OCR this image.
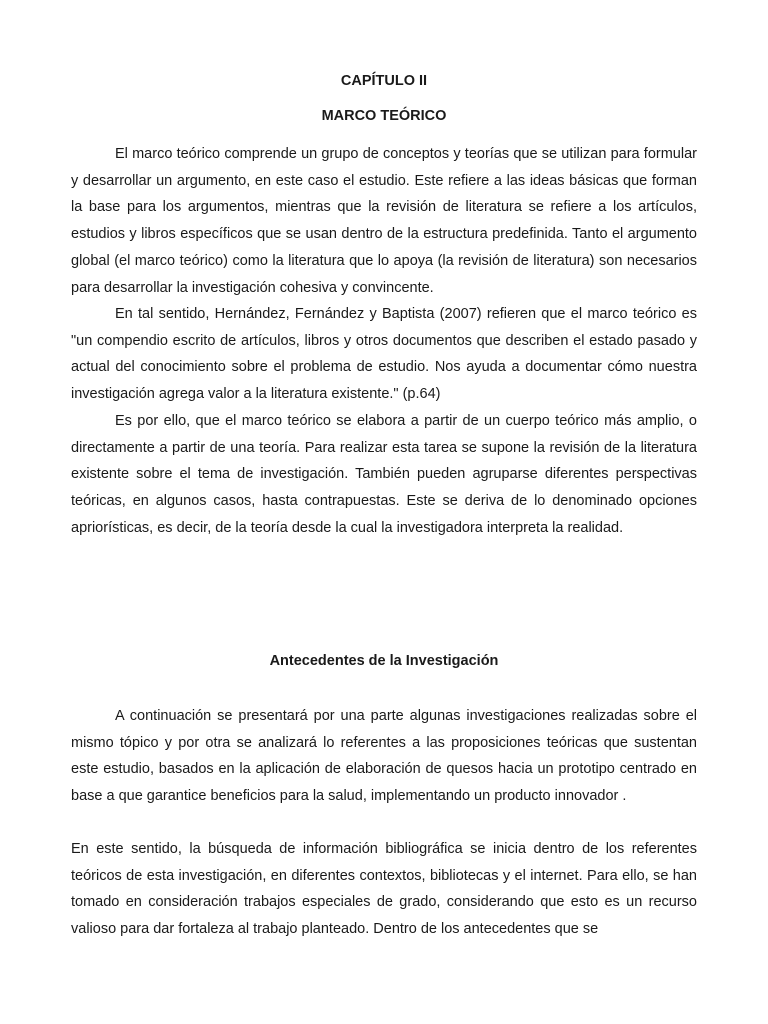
CAPÍTULO II
MARCO TEÓRICO

El marco teórico comprende un grupo de conceptos y teorías que se utilizan para formular y desarrollar un argumento, en este caso el estudio. Este refiere a las ideas básicas que forman la base para los argumentos, mientras que la revisión de literatura se refiere a los artículos, estudios y libros específicos que se usan dentro de la estructura predefinida. Tanto el argumento global (el marco teórico) como la literatura que lo apoya (la revisión de literatura) son necesarios para desarrollar la investigación cohesiva y convincente.

En tal sentido, Hernández, Fernández y Baptista (2007) refieren que el marco teórico es "un compendio escrito de artículos, libros y otros documentos que describen el estado pasado y actual del conocimiento sobre el problema de estudio. Nos ayuda a documentar cómo nuestra investigación agrega valor a la literatura existente." (p.64)

Es por ello, que el marco teórico se elabora a partir de un cuerpo teórico más amplio, o directamente a partir de una teoría. Para realizar esta tarea se supone la revisión de la literatura existente sobre el tema de investigación. También pueden agruparse diferentes perspectivas teóricas, en algunos casos, hasta contrapuestas. Este se deriva de lo denominado opciones apriorísticas, es decir, de la teoría desde la cual la investigadora interpreta la realidad.

Antecedentes de la Investigación

A continuación se presentará por una parte algunas investigaciones realizadas sobre el mismo tópico y por otra se analizará lo referentes a las proposiciones teóricas que sustentan este estudio, basados en la aplicación de elaboración de quesos hacia un prototipo centrado en base a que garantice beneficios para la salud, implementando un producto innovador .

En este sentido, la búsqueda de información bibliográfica se inicia dentro de los referentes teóricos de esta investigación, en diferentes contextos, bibliotecas y el internet. Para ello, se han tomado en consideración trabajos especiales de grado, considerando que esto es un recurso valioso para dar fortaleza al trabajo planteado. Dentro de los antecedentes que se
